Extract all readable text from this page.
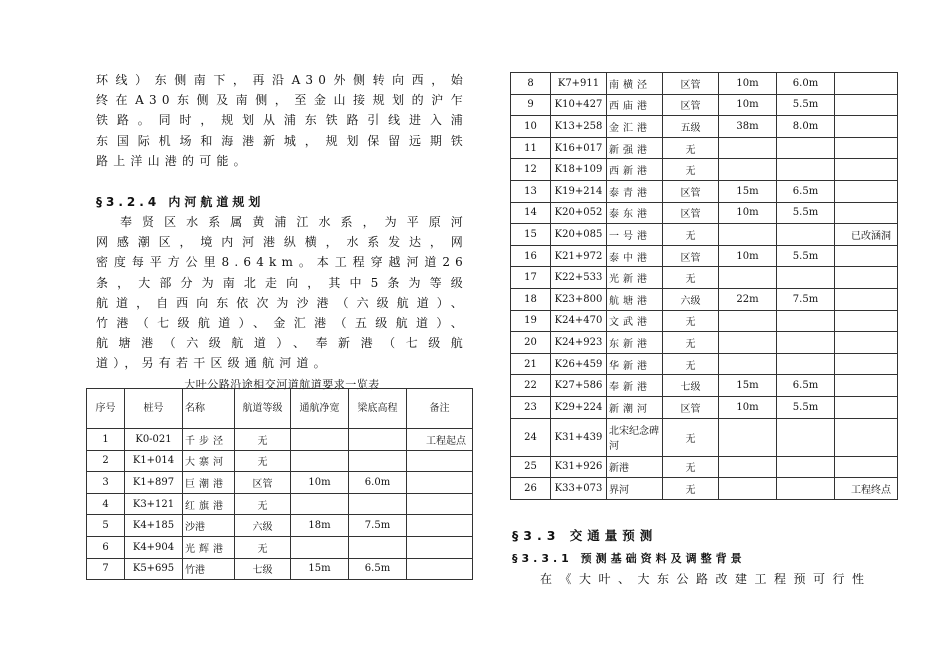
环线）东侧南下，再沿A30外侧转向西，始

终在A30东侧及南侧，至金山接规划的沪乍

铁路。同时，规划从浦东铁路引线进入浦

东国际机场和海港新城，规划保留远期铁

路上洋山港的可能。

§3.2.4 内河航道规划

奉贤区水系属黄浦江水系，为平原河

网感潮区，境内河港纵横，水系发达，网

密度每平方公里8.64km。本工程穿越河道26

条，大部分为南北走向，其中5条为等级

航道，自西向东依次为沙港（六级航道）、

竹港（七级航道）、金汇港（五级航道）、

航塘港（六级航道）、奉新港（七级航

道），另有若干区级通航河道。

大叶公路沿途相交河道航道要求一览表
序号	桩号	名称	航道等级	通航净宽	梁底高程	备注
1	K0-021	千步泾	无			工程起点
2	K1+014	大寨河	无			
3	K1+897	巨潮港	区管	10m	6.0m	
4	K3+121	红旗港	无			
5	K4+185	沙港	六级	18m	7.5m	
6	K4+904	光辉港	无			
7	K5+695	竹港	七级	15m	6.5m	
8	K7+911	南横泾	区管	10m	6.0m	
9	K10+427	西庙港	区管	10m	5.5m	
10	K13+258	金汇港	五级	38m	8.0m	
11	K16+017	新强港	无			
12	K18+109	西新港	无			
13	K19+214	泰青港	区管	15m	6.5m	
14	K20+052	泰东港	区管	10m	5.5m	
15	K20+085	一号港	无			已改涵洞
16	K21+972	泰中港	区管	10m	5.5m	
17	K22+533	光新港	无			
18	K23+800	航塘港	六级	22m	7.5m	
19	K24+470	文武港	无			
20	K24+923	东新港	无			
21	K26+459	华新港	无			
22	K27+586	奉新港	七级	15m	6.5m	
23	K29+224	新潮河	区管	10m	5.5m	
24	K31+439	北宋纪念碑河	无			
25	K31+926	新港	无			
26	K33+073	界河	无			工程终点
§3.3 交通量预测
§3.3.1 预测基础资料及调整背景
在《大叶、大东公路改建工程预可行性
